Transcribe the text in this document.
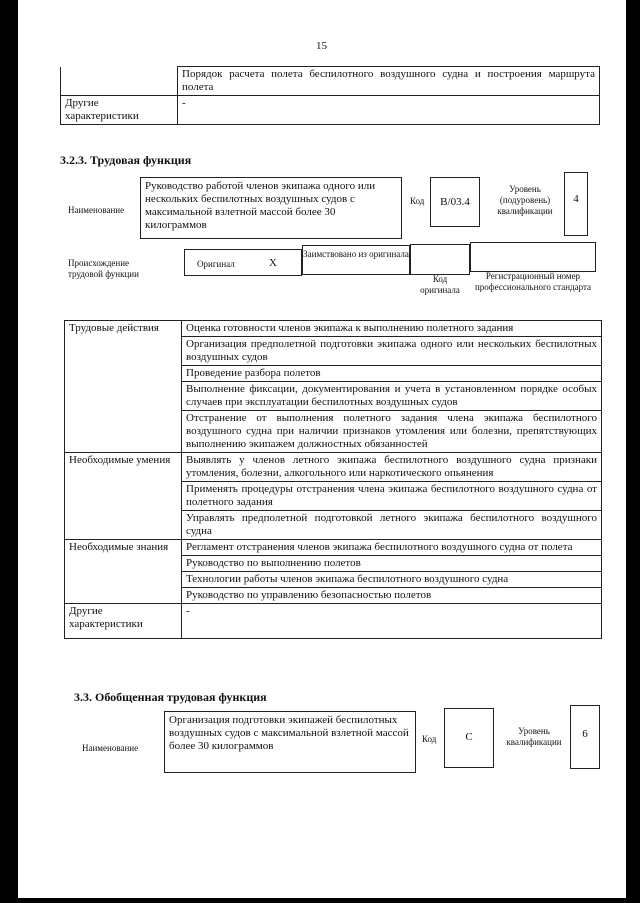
15
	Порядок расчета полета беспилотного воздушного судна и построения маршрута полета
Другие характеристики	-
3.2.3. Трудовая функция
Наименование
Руководство работой членов экипажа одного или нескольких беспилотных воздушных судов с максимальной взлетной массой более 30 килограммов
Код	B/03.4
Уровень (подуровень) квалификации
4
Происхождение трудовой функции
Оригинал	X
Заимствовано из оригинала
Код оригинала
Регистрационный номер профессионального стандарта
Трудовые действия	Оценка готовности членов экипажа к выполнению полетного задания
	Организация предполетной подготовки экипажа одного или нескольких беспилотных воздушных судов
	Проведение разбора полетов
	Выполнение фиксации, документирования и учета в установленном порядке особых случаев при эксплуатации беспилотных воздушных судов
	Отстранение от выполнения полетного задания члена экипажа беспилотного воздушного судна при наличии признаков утомления или болезни, препятствующих выполнению экипажем должностных обязанностей
Необходимые умения	Выявлять у членов летного экипажа беспилотного воздушного судна признаки утомления, болезни, алкогольного или наркотического опьянения
	Применять процедуры отстранения члена экипажа беспилотного воздушного судна от полетного задания
	Управлять предполетной подготовкой летного экипажа беспилотного воздушного судна
Необходимые знания	Регламент отстранения членов экипажа беспилотного воздушного судна от полета
	Руководство по выполнению полетов
	Технологии работы членов экипажа беспилотного воздушного судна
	Руководство по управлению безопасностью полетов
Другие характеристики	-
3.3. Обобщенная трудовая функция
Наименование
Организация подготовки экипажей беспилотных воздушных судов с максимальной взлетной массой более 30 килограммов
Код	C	Уровень квалификации
6
